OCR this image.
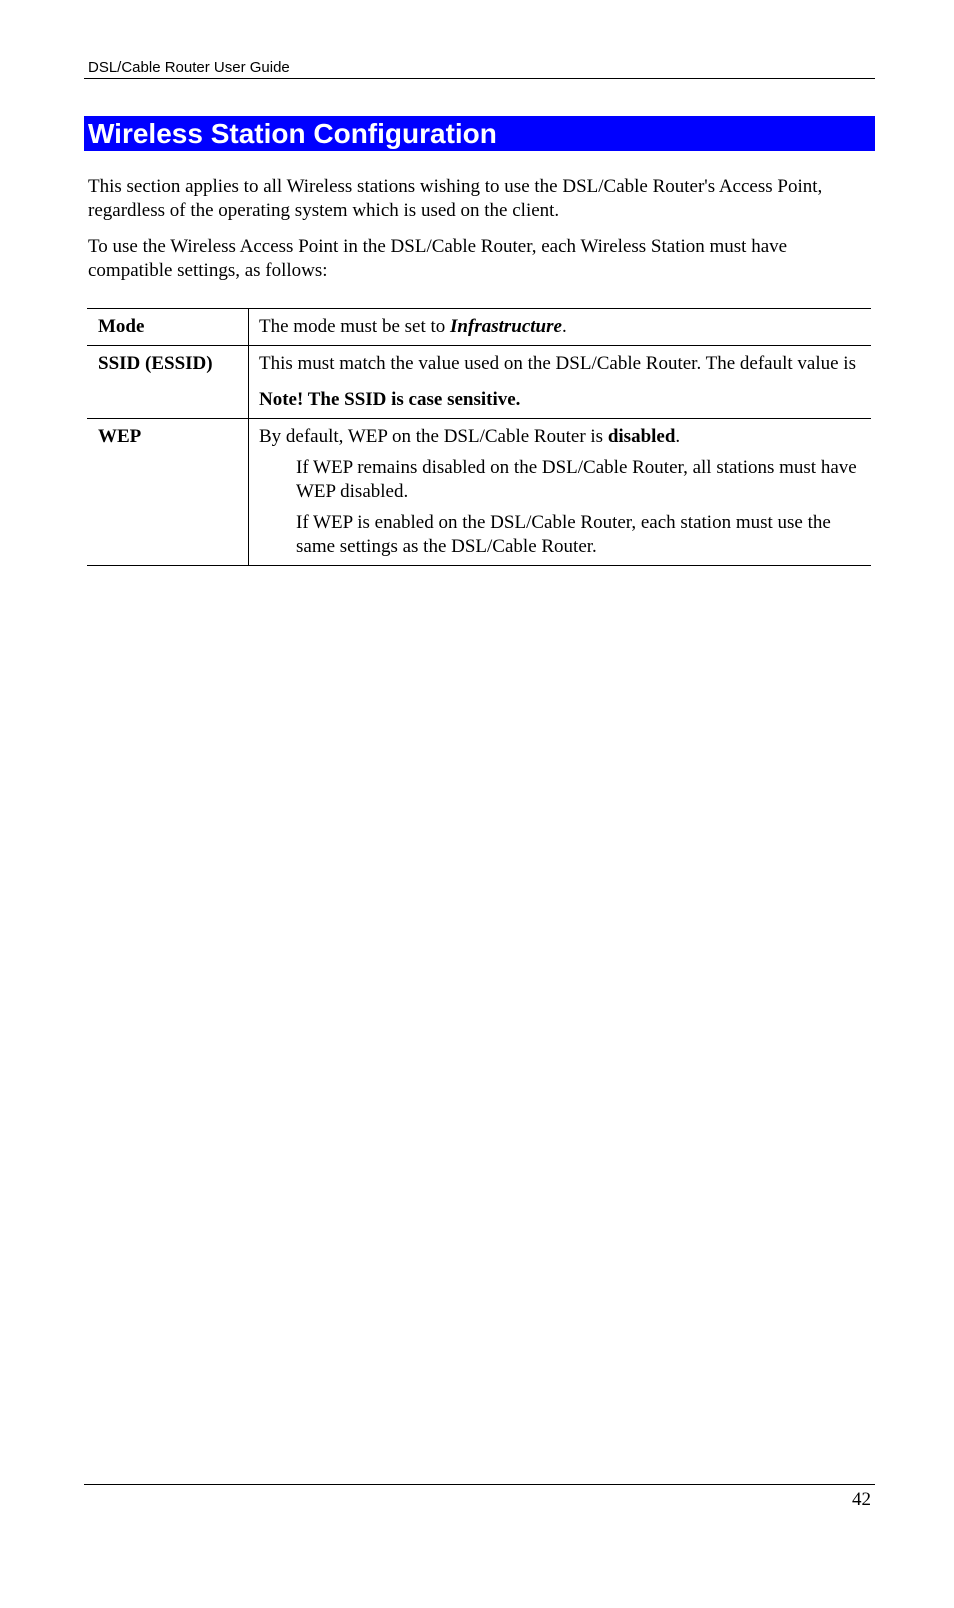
DSL/Cable Router User Guide
Wireless Station Configuration

This section applies to all Wireless stations wishing to use the DSL/Cable Router's Access Point, regardless of the operating system which is used on the client.

To use the Wireless Access Point in the DSL/Cable Router, each Wireless Station must have compatible settings, as follows:

Mode	The mode must be set to Infrastructure.
SSID (ESSID)	This must match the value used on the DSL/Cable Router. The default value is

Note! The SSID is case sensitive.

WEP	By default, WEP on the DSL/Cable Router is disabled.

If WEP remains disabled on the DSL/Cable Router, all stations must have WEP disabled.

If WEP is enabled on the DSL/Cable Router, each station must use the same settings as the DSL/Cable Router.

42
